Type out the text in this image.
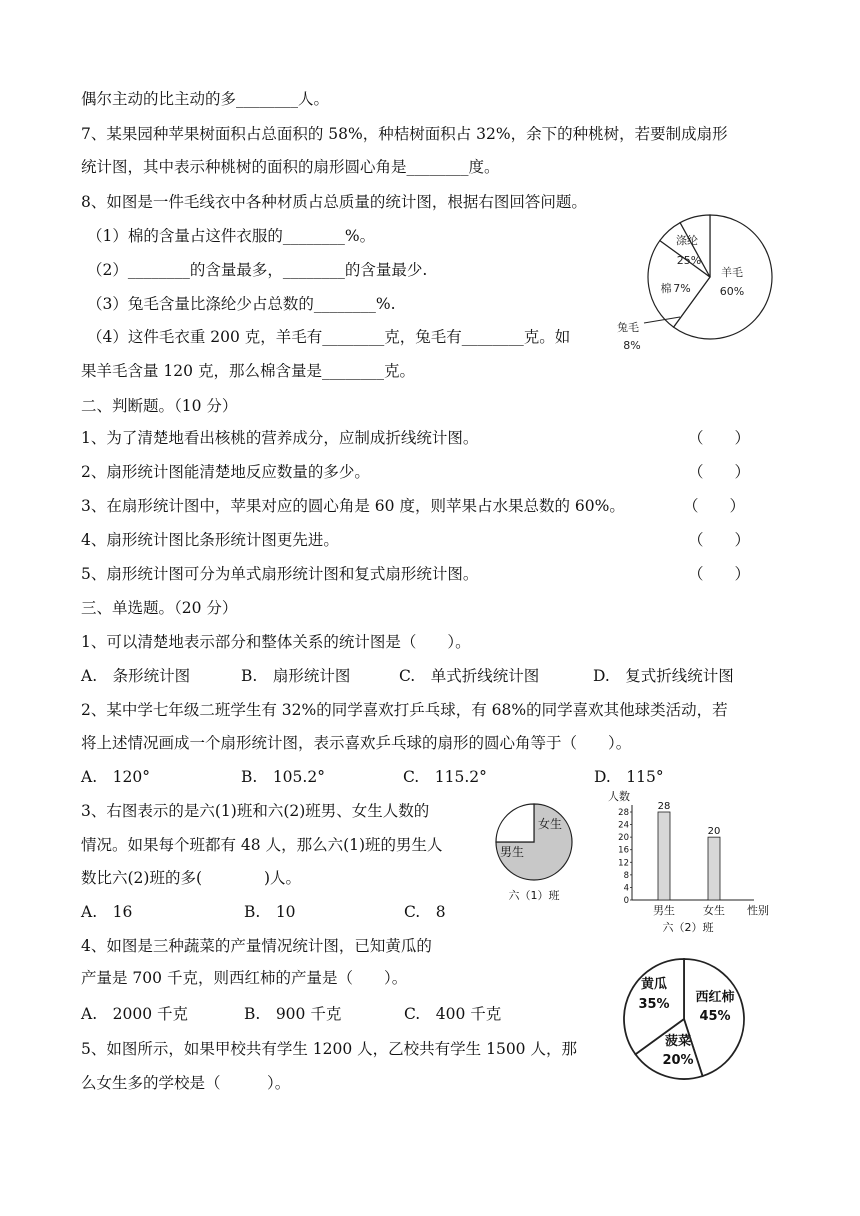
偶尔主动的比主动的多________人。
7、某果园种苹果树面积占总面积的 58%，种桔树面积占 32%，余下的种桃树，若要制成扇形
统计图，其中表示种桃树的面积的扇形圆心角是________度。
8、如图是一件毛线衣中各种材质占总质量的统计图，根据右图回答问题。
（1）棉的含量占这件衣服的________%。
（2）________的含量最多，________的含量最少.
（3）兔毛含量比涤纶少占总数的________%.
（4）这件毛衣重 200 克，羊毛有________克，兔毛有________克。如
果羊毛含量 120 克，那么棉含量是________克。
二、判断题。（10 分）
1、为了清楚地看出核桃的营养成分，应制成折线统计图。	（　　）
2、扇形统计图能清楚地反应数量的多少。	（　　）
3、在扇形统计图中，苹果对应的圆心角是 60 度，则苹果占水果总数的 60%。	（　　）
4、扇形统计图比条形统计图更先进。	（　　）
5、扇形统计图可分为单式扇形统计图和复式扇形统计图。	（　　）
三、单选题。（20 分）
1、可以清楚地表示部分和整体关系的统计图是（　　）。
A.　条形统计图	B.　扇形统计图	C.　单式折线统计图	D.　复式折线统计图
2、某中学七年级二班学生有 32%的同学喜欢打乒乓球，有 68%的同学喜欢其他球类活动，若
将上述情况画成一个扇形统计图，表示喜欢乒乓球的扇形的圆心角等于（　　）。
A.　120°	B.　105.2°	C.　115.2°	D.　115°
3、右图表示的是六(1)班和六(2)班男、女生人数的
情况。如果每个班都有 48 人，那么六(1)班的男生人
数比六(2)班的多(　　　　)人。
A.　16	B.　10	C.　8
4、如图是三种蔬菜的产量情况统计图，已知黄瓜的
产量是 700 千克，则西红柿的产量是（　　）。
A.　2000 千克	B.　900 千克	C.　400 千克
5、如图所示，如果甲校共有学生 1200 人，乙校共有学生 1500 人，那
么女生多的学校是（　　　）。
羊毛
60%
涤纶
25%
棉 7%
兔毛
8%
男生
女生
六（1）班
人数
0
4
8
12
16
20
24
28
28
男生
20
女生 性别
六（2）班
西红柿
45%
菠菜
20%
黄瓜
35%
